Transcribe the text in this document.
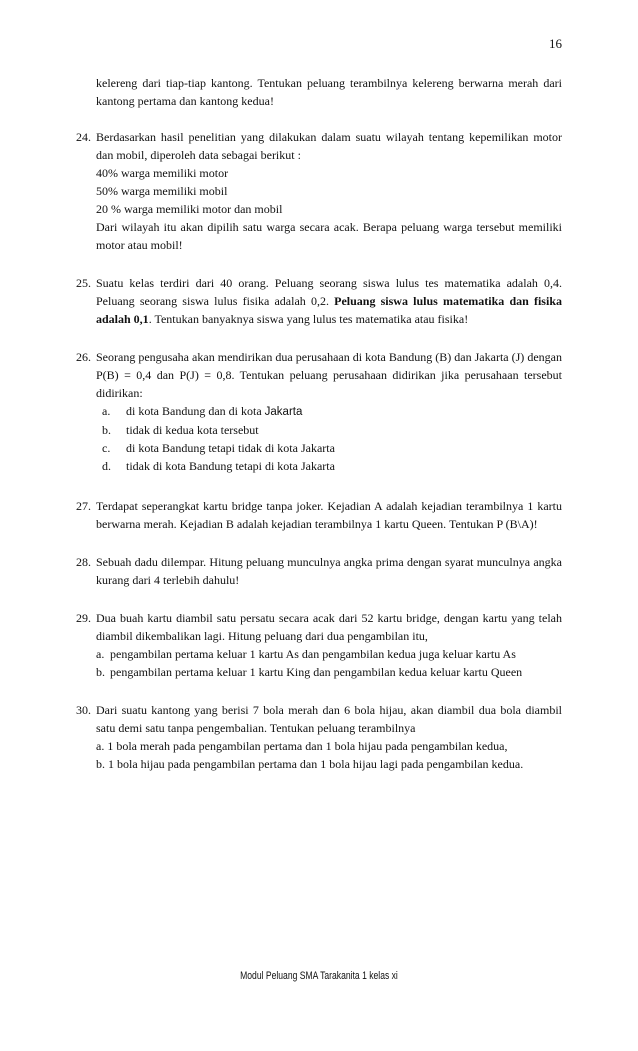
16
kelereng dari tiap-tiap kantong. Tentukan peluang terambilnya kelereng berwarna merah dari kantong pertama dan kantong kedua!
24. Berdasarkan hasil penelitian yang dilakukan dalam suatu wilayah tentang kepemilikan motor dan mobil, diperoleh data sebagai berikut :
40% warga memiliki motor
50% warga memiliki mobil
20 % warga memiliki motor dan mobil
Dari wilayah itu akan dipilih satu warga secara acak. Berapa peluang warga tersebut memiliki motor atau mobil!
25. Suatu kelas terdiri dari 40 orang. Peluang seorang siswa lulus tes matematika adalah 0,4. Peluang seorang siswa lulus fisika adalah 0,2. Peluang siswa lulus matematika dan fisika adalah 0,1. Tentukan banyaknya siswa yang lulus tes matematika atau fisika!
26. Seorang pengusaha akan mendirikan dua perusahaan di kota Bandung (B) dan Jakarta (J) dengan P(B) = 0,4 dan P(J) = 0,8. Tentukan peluang perusahaan didirikan jika perusahaan tersebut didirikan:
a.	di kota Bandung dan di kota Jakarta
b.	tidak di kedua kota tersebut
c.	di kota Bandung tetapi tidak di kota Jakarta
d.	tidak di kota Bandung tetapi di kota Jakarta
27. Terdapat seperangkat kartu bridge tanpa joker. Kejadian A adalah kejadian terambilnya 1 kartu berwarna merah. Kejadian B adalah kejadian terambilnya 1 kartu Queen. Tentukan P (B\A)!
28. Sebuah dadu dilempar. Hitung peluang munculnya angka prima dengan syarat munculnya angka kurang dari 4 terlebih dahulu!
29. Dua buah kartu diambil satu persatu secara acak dari 52 kartu bridge, dengan kartu yang telah diambil dikembalikan lagi. Hitung peluang dari dua pengambilan itu,
a. pengambilan pertama keluar 1 kartu As dan pengambilan kedua juga keluar kartu As
b. pengambilan pertama keluar 1 kartu King dan pengambilan kedua keluar kartu Queen
30. Dari suatu kantong yang berisi 7 bola merah dan 6 bola hijau, akan diambil dua bola diambil satu demi satu tanpa pengembalian. Tentukan peluang terambilnya
a. 1 bola merah pada pengambilan pertama dan 1 bola hijau pada pengambilan kedua,
b. 1 bola hijau pada pengambilan pertama dan 1 bola hijau lagi pada pengambilan kedua.
Modul Peluang SMA Tarakanita 1 kelas xi
